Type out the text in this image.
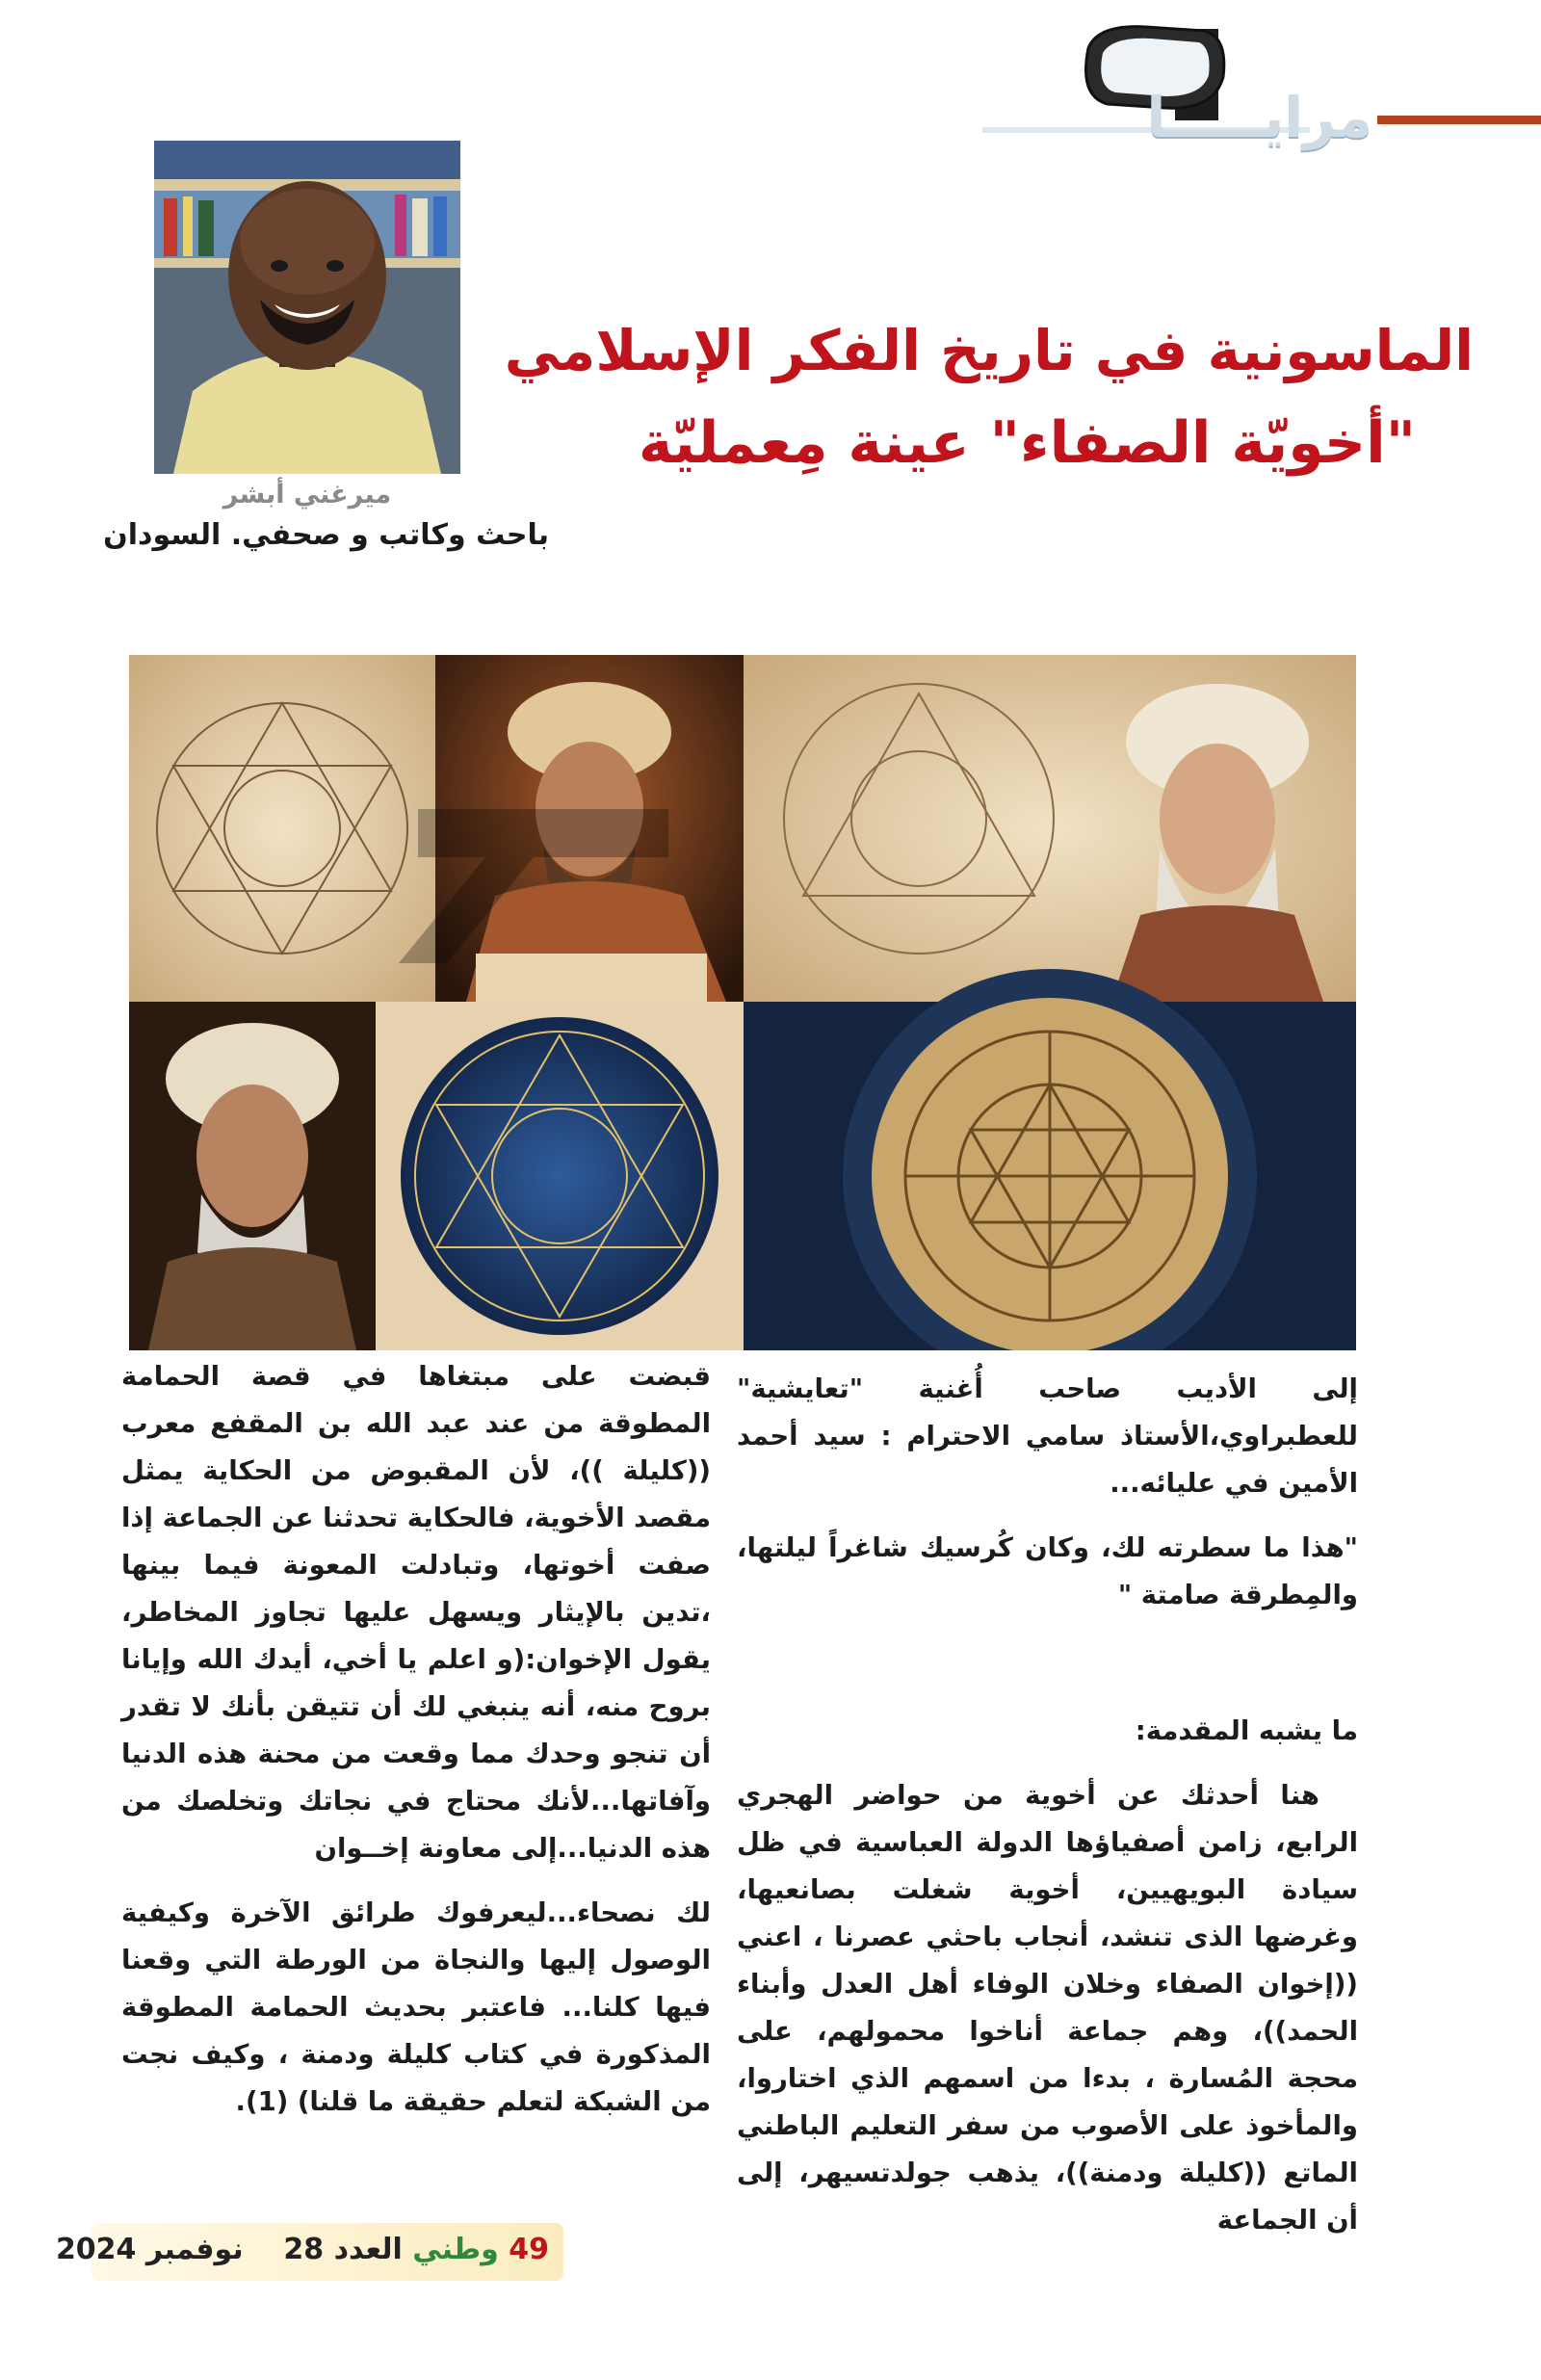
مرايـــــا
ميرغني أبشر
باحث وكاتب و صحفي. السودان
الماسونية في تاريخ الفكر الإسلامي
"أخويّة الصفاء" عينة مِعمليّة

إلى الأديب صاحب أُغنية "تعايشية" للعطبراوي،الأستاذ سامي الاحترام : سيد أحمد الأمين في عليائه...

"هذا ما سطرته لك، وكان كُرسيك شاغراً ليلتها، والمِطرقة صامتة "

ما يشبه المقدمة:

هنا أحدثك عن أخوية من حواضر الهجري الرابع، زامن أصفياؤها الدولة العباسية في ظل سيادة البويهيين، أخوية شغلت بصانعيها، وغرضها الذى تنشد، أنجاب باحثي عصرنا ، اعني ((إخوان الصفاء وخلان الوفاء أهل العدل وأبناء الحمد))، وهم جماعة أناخوا محمولهم، على محجة المُسارة ، بدءا من اسمهم الذي اختاروا، والمأخوذ على الأصوب من سفر التعليم الباطني الماتع ((كليلة ودمنة))، يذهب جولدتسيهر، إلى أن الجماعة

قبضت على مبتغاها في قصة الحمامة المطوقة من عند عبد الله بن المقفع معرب ((كليلة ))، لأن المقبوض من الحكاية يمثل مقصد الأخوية، فالحكاية تحدثنا عن الجماعة إذا صفت أخوتها، وتبادلت المعونة فيما بينها ،تدين بالإيثار ويسهل عليها تجاوز المخاطر، يقول الإخوان:(و اعلم يا أخي، أيدك الله وإيانا بروح منه، أنه ينبغي لك أن تتيقن بأنك لا تقدر أن تنجو وحدك مما وقعت من محنة هذه الدنيا وآفاتها...لأنك محتاج في نجاتك وتخلصك من هذه الدنيا...إلى معاونة إخــوان

لك نصحاء...ليعرفوك طرائق الآخرة وكيفية الوصول إليها والنجاة من الورطة التي وقعنا فيها كلنا... فاعتبر بحديث الحمامة المطوقة المذكورة في كتاب كليلة ودمنة ، وكيف نجت من الشبكة لتعلم حقيقة ما قلنا) (1).

49 وطني العدد 28    نوفمبر 2024
